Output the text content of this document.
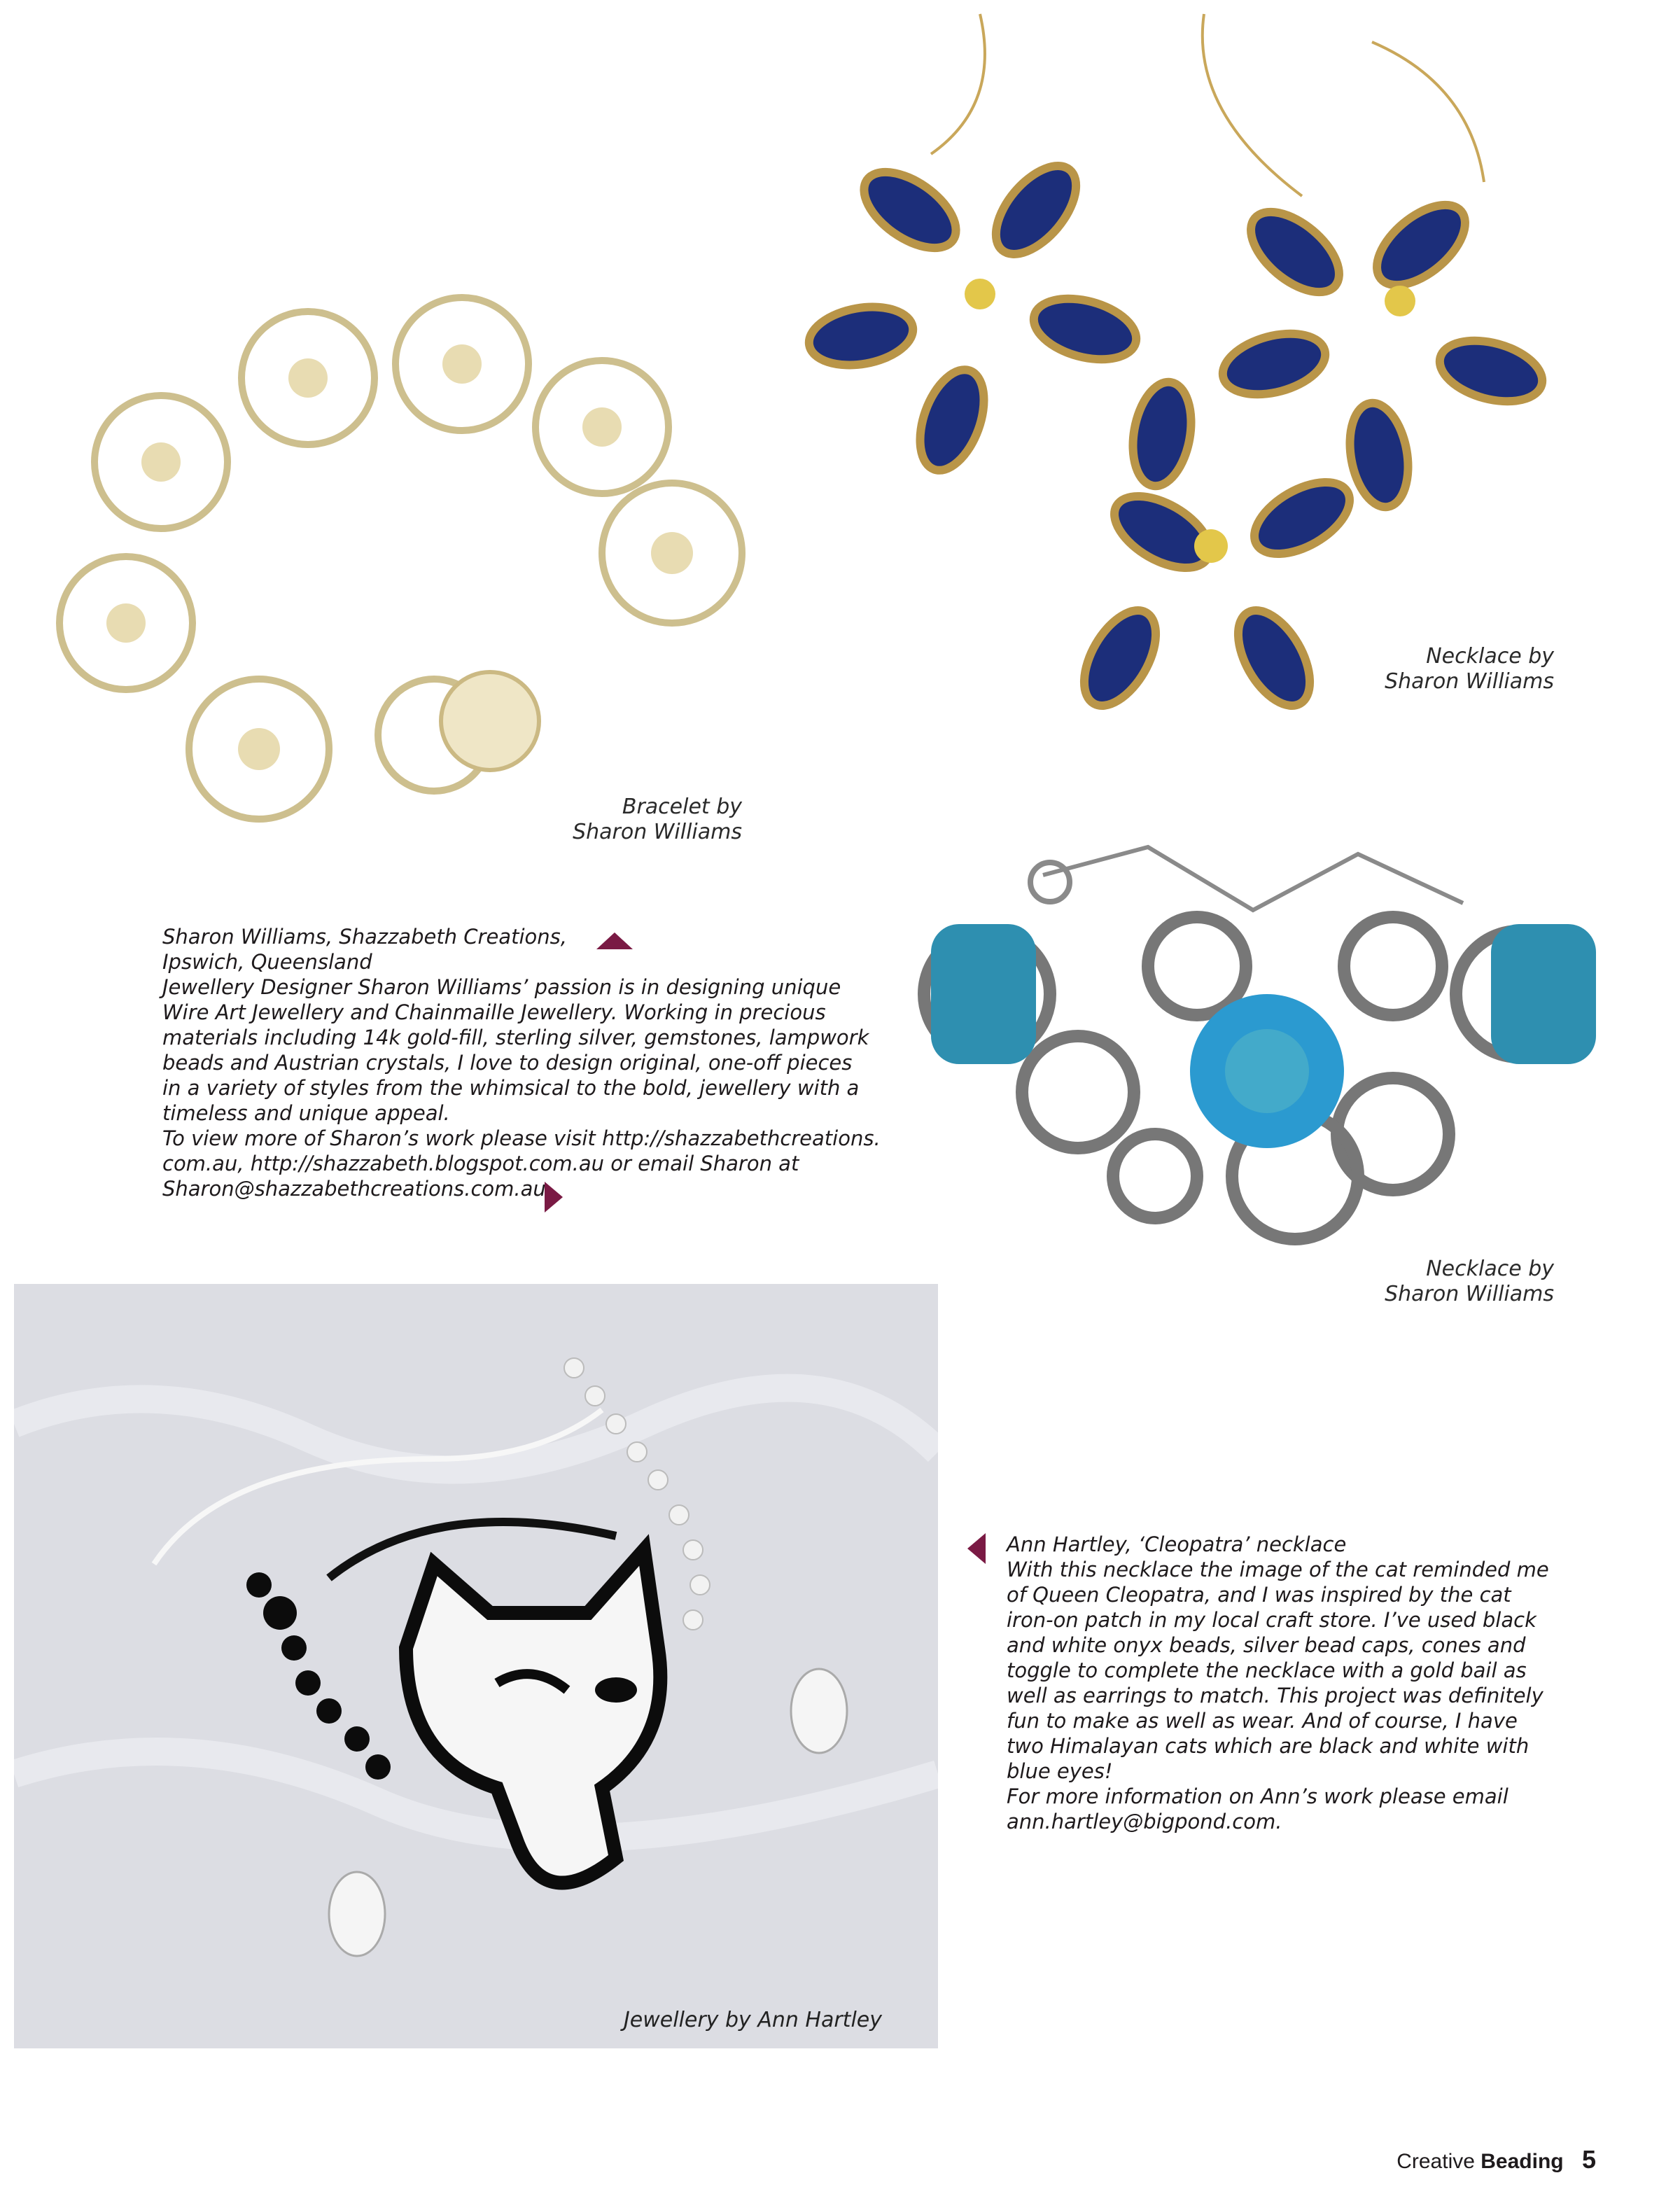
Necklace by
Sharon Williams
Bracelet by
Sharon Williams
Necklace by
Sharon Williams
Sharon Williams, Shazzabeth Creations,
Ipswich, Queensland
Jewellery Designer Sharon Williams’ passion is in designing unique
Wire Art Jewellery and Chainmaille Jewellery. Working in precious
materials including 14k gold-fill, sterling silver, gemstones, lampwork
beads and Austrian crystals, I love to design original, one-off pieces
in a variety of styles from the whimsical to the bold, jewellery with a
timeless and unique appeal.
To view more of Sharon’s work please visit http://shazzabethcreations.
com.au, http://shazzabeth.blogspot.com.au or email Sharon at
Sharon@shazzabethcreations.com.au
Jewellery by Ann Hartley
Ann Hartley, ‘Cleopatra’ necklace
With this necklace the image of the cat reminded me
of Queen Cleopatra, and I was inspired by the cat
iron-on patch in my local craft store. I’ve used black
and white onyx beads, silver bead caps, cones and
toggle to complete the necklace with a gold bail as
well as earrings to match. This project was definitely
fun to make as well as wear. And of course, I have
two Himalayan cats which are black and white with
blue eyes!
For more information on Ann’s work please email
ann.hartley@bigpond.com.
Creative Beading 5
